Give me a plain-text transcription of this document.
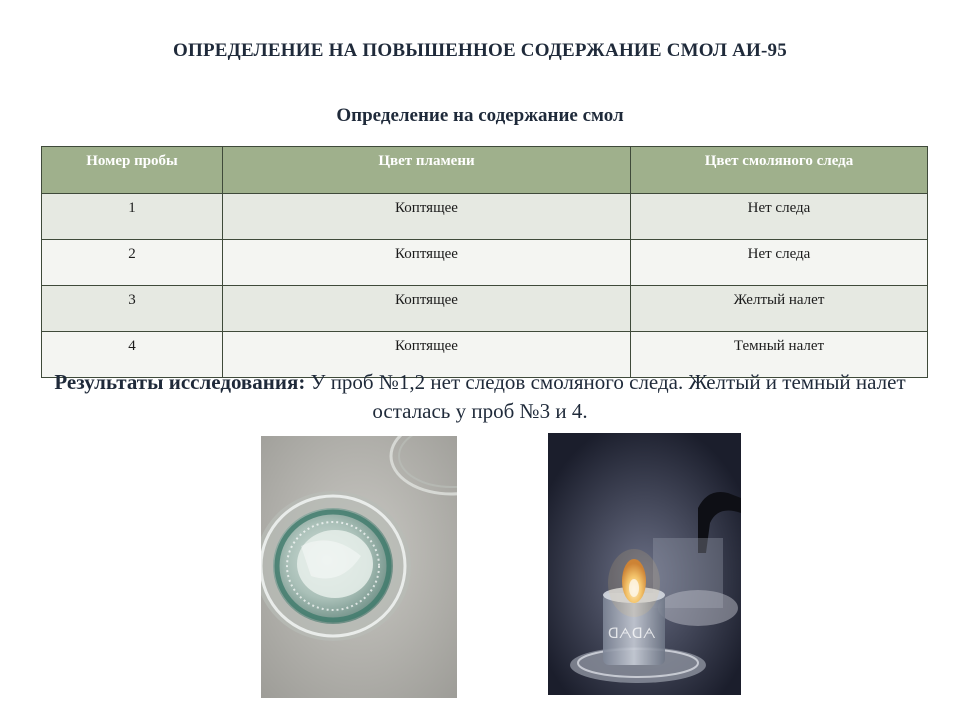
ОПРЕДЕЛЕНИЕ НА ПОВЫШЕННОЕ СОДЕРЖАНИЕ СМОЛ АИ-95
Определение на содержание смол
Номер пробы	Цвет пламени	Цвет смоляного следа
1	Коптящее	Нет следа
2	Коптящее	Нет следа
3	Коптящее	Желтый налет
4	Коптящее	Темный налет
Результаты исследования: У проб №1,2 нет следов смоляного следа. Желтый и темный налет осталась у проб №3 и 4.
ᗡᗅᗡᗅ
